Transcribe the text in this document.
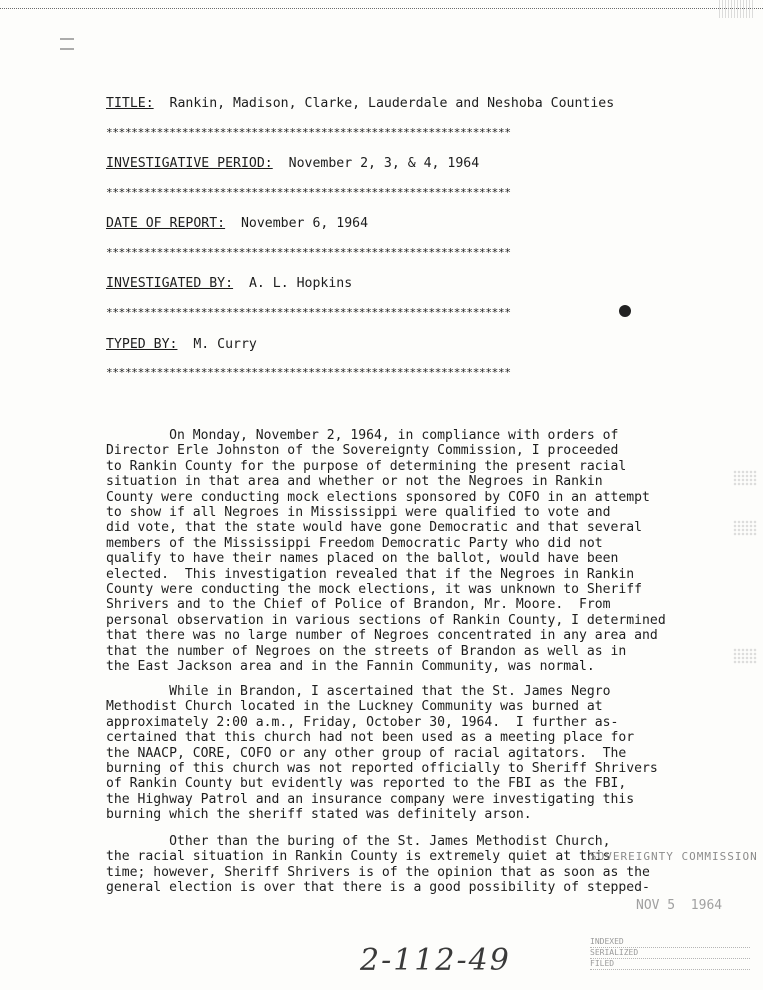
TITLE: Rankin, Madison, Clarke, Lauderdale and Neshoba Counties
****************************************************************
INVESTIGATIVE PERIOD: November 2, 3, & 4, 1964
****************************************************************
DATE OF REPORT: November 6, 1964
****************************************************************
INVESTIGATED BY: A. L. Hopkins
****************************************************************
TYPED BY: M. Curry
****************************************************************
On Monday, November 2, 1964, in compliance with orders of
Director Erle Johnston of the Sovereignty Commission, I proceeded
to Rankin County for the purpose of determining the present racial
situation in that area and whether or not the Negroes in Rankin
County were conducting mock elections sponsored by COFO in an attempt
to show if all Negroes in Mississippi were qualified to vote and
did vote, that the state would have gone Democratic and that several
members of the Mississippi Freedom Democratic Party who did not
qualify to have their names placed on the ballot, would have been
elected.  This investigation revealed that if the Negroes in Rankin
County were conducting the mock elections, it was unknown to Sheriff
Shrivers and to the Chief of Police of Brandon, Mr. Moore.  From
personal observation in various sections of Rankin County, I determined
that there was no large number of Negroes concentrated in any area and
that the number of Negroes on the streets of Brandon as well as in
the East Jackson area and in the Fannin Community, was normal.
While in Brandon, I ascertained that the St. James Negro
Methodist Church located in the Luckney Community was burned at
approximately 2:00 a.m., Friday, October 30, 1964.  I further as-
certained that this church had not been used as a meeting place for
the NAACP, CORE, COFO or any other group of racial agitators.  The
burning of this church was not reported officially to Sheriff Shrivers
of Rankin County but evidently was reported to the FBI as the FBI,
the Highway Patrol and an insurance company were investigating this
burning which the sheriff stated was definitely arson.
Other than the buring of the St. James Methodist Church,
the racial situation in Rankin County is extremely quiet at this
time; however, Sheriff Shrivers is of the opinion that as soon as the
general election is over that there is a good possibility of stepped-
SOVEREIGNTY COMMISSION
NOV 5  1964
INDEXED
SERIALIZED
FILED
2-112-49
